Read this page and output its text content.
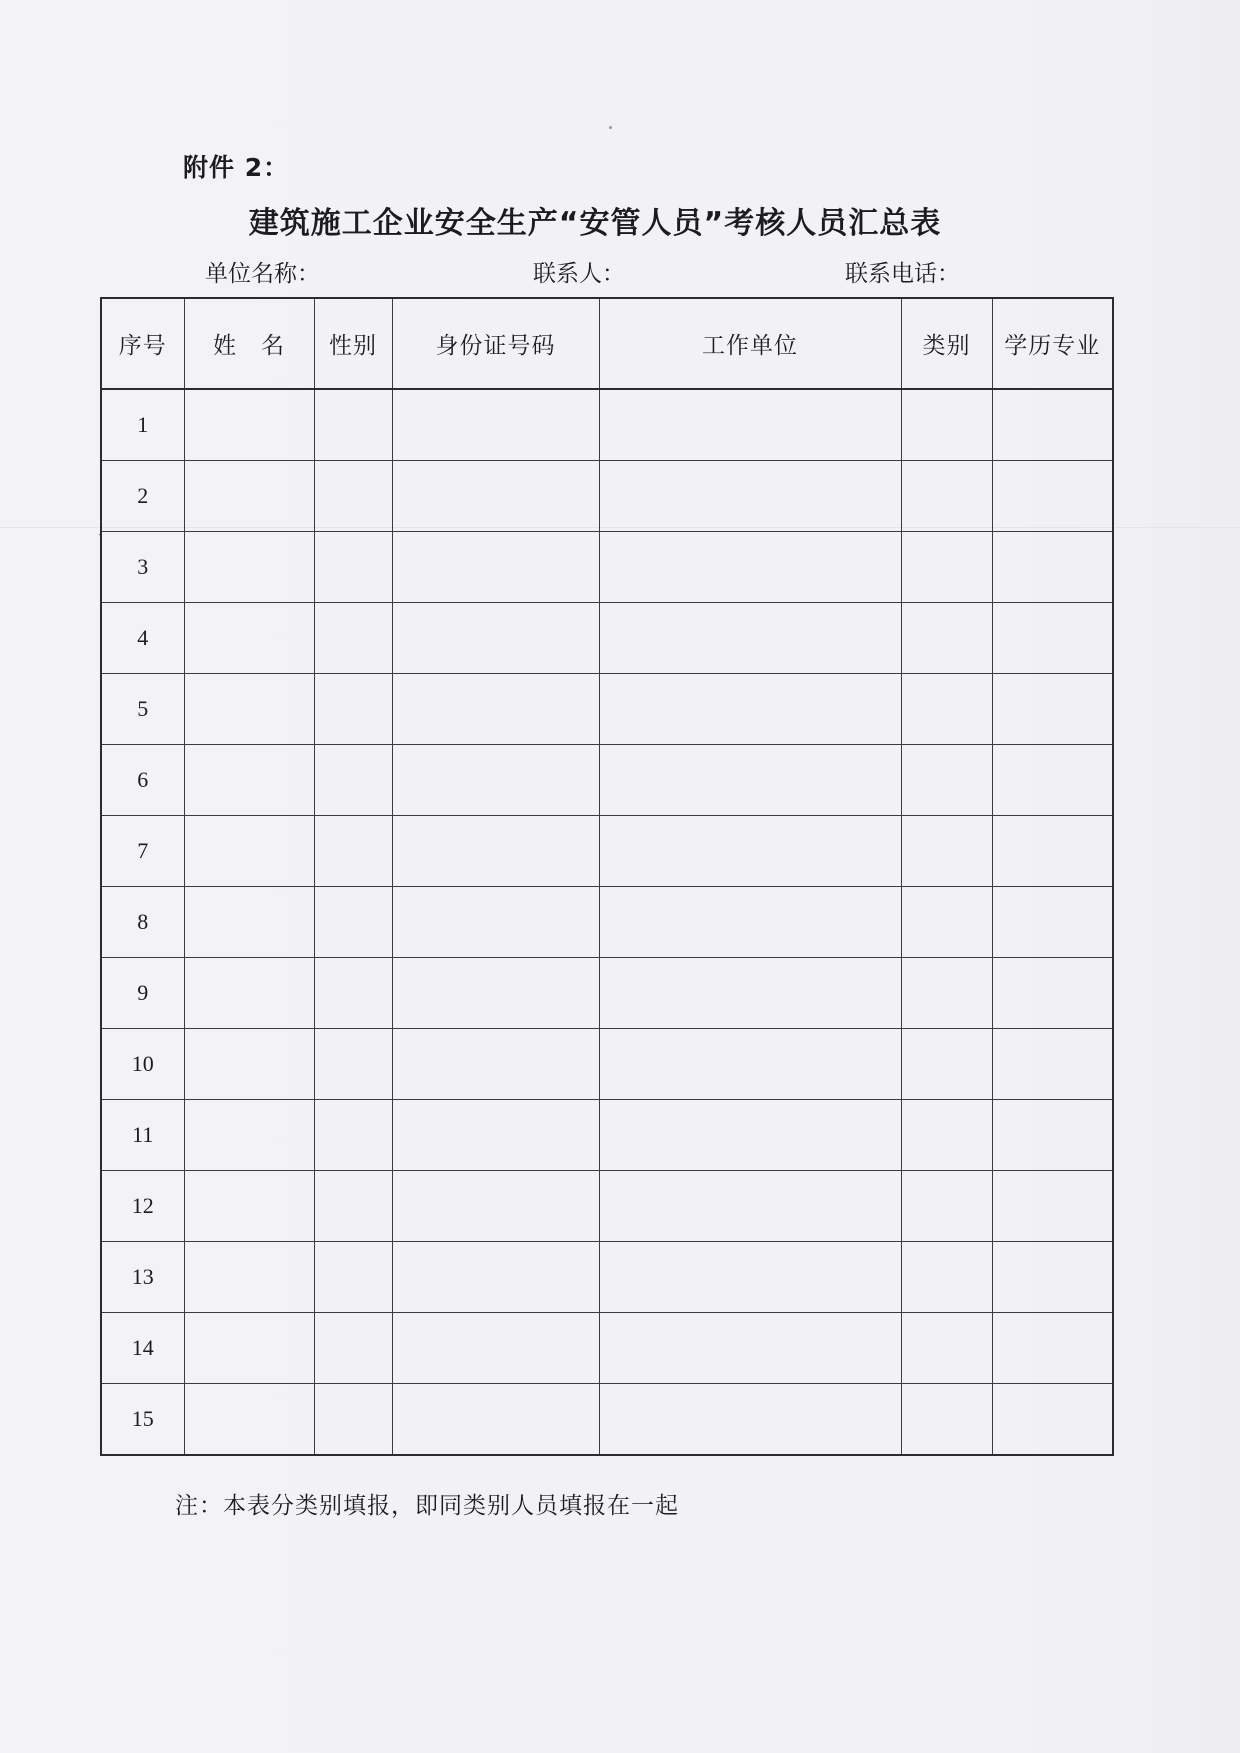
附件 2：
建筑施工企业安全生产“安管人员”考核人员汇总表
单位名称：	联系人：	联系电话：
序号	姓　名	性别	身份证号码	工作单位	类别	学历专业
1						
2						
3						
4						
5						
6						
7						
8						
9						
10						
11						
12						
13						
14						
15						
注：本表分类别填报，即同类别人员填报在一起
